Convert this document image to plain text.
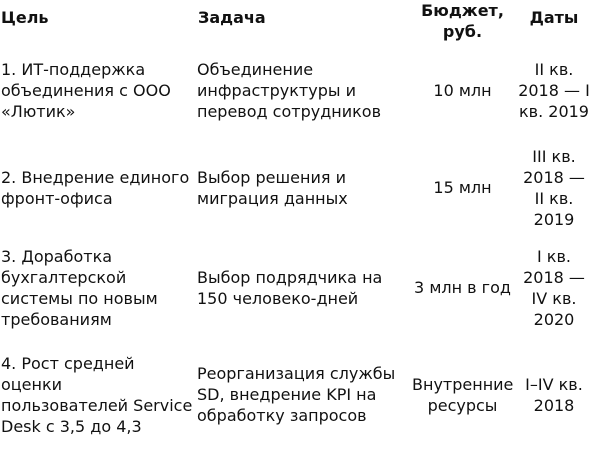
Цель	Задача	Бюджет, руб.	Даты
1. ИТ-поддержка объединения с ООО «Лютик»	Объединение инфраструктуры и перевод сотрудников	10 млн	II кв. 2018 — I кв. 2019
2. Внедрение единого фронт-офиса	Выбор решения и миграция данных	15 млн	III кв. 2018 — II кв. 2019
3. Доработка бухгалтерской системы по новым требованиям	Выбор подрядчика на 150 человеко-дней	3 млн в год	I кв. 2018 — IV кв. 2020
4. Рост средней оценки пользователей Service Desk с 3,5 до 4,3	Реорганизация службы SD, внедрение KPI на обработку запросов	Внутренние ресурсы	I–IV кв. 2018
